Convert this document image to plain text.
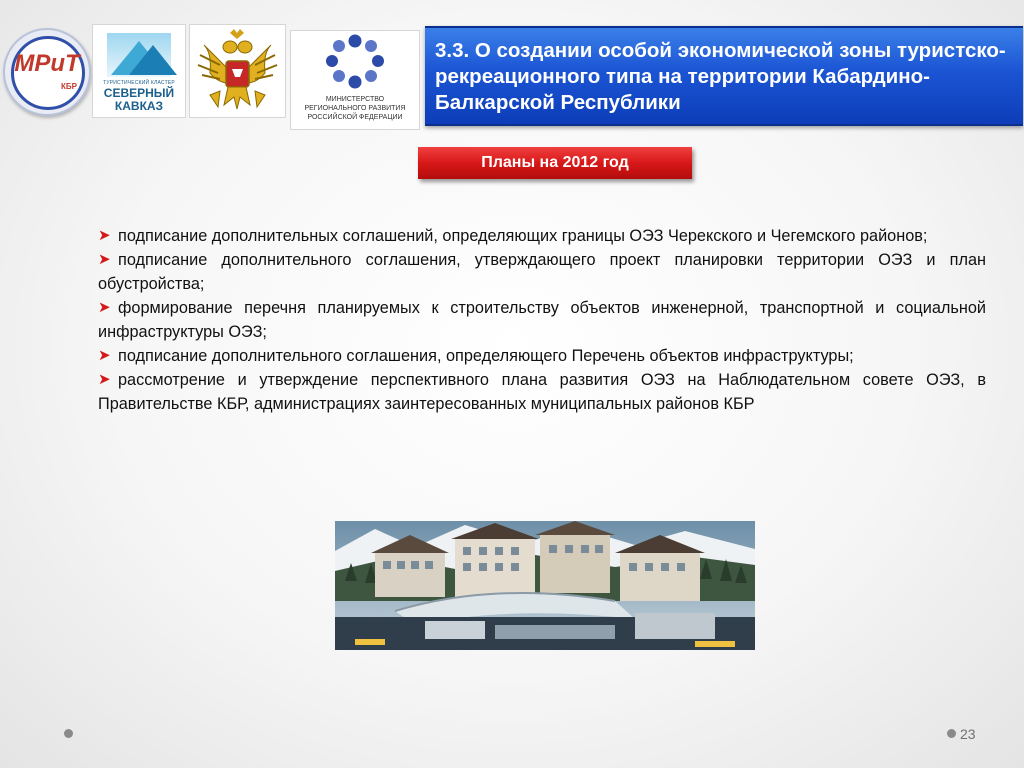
МРиТ
КБР	ТУРИСТИЧЕСКИЙ КЛАСТЕР
СЕВЕРНЫЙ
КАВКАЗ	МИНИСТЕРСТВО
РЕГИОНАЛЬНОГО РАЗВИТИЯ
РОССИЙСКОЙ ФЕДЕРАЦИИ
3.3. О создании особой экономической зоны туристско-рекреационного типа на территории Кабардино-Балкарской Республики
Планы на 2012 год
➤ подписание дополнительных соглашений, определяющих границы ОЭЗ Черекского и Чегемского районов;
➤ подписание дополнительного соглашения, утверждающего проект планировки территории ОЭЗ и план обустройства;
➤ формирование перечня планируемых к строительству объектов инженерной, транспортной и социальной инфраструктуры ОЭЗ;
➤ подписание дополнительного соглашения, определяющего Перечень объектов инфраструктуры;
➤ рассмотрение и утверждение перспективного плана развития ОЭЗ на Наблюдательном совете ОЭЗ, в Правительстве КБР, администрациях заинтересованных муниципальных районов КБР
23
